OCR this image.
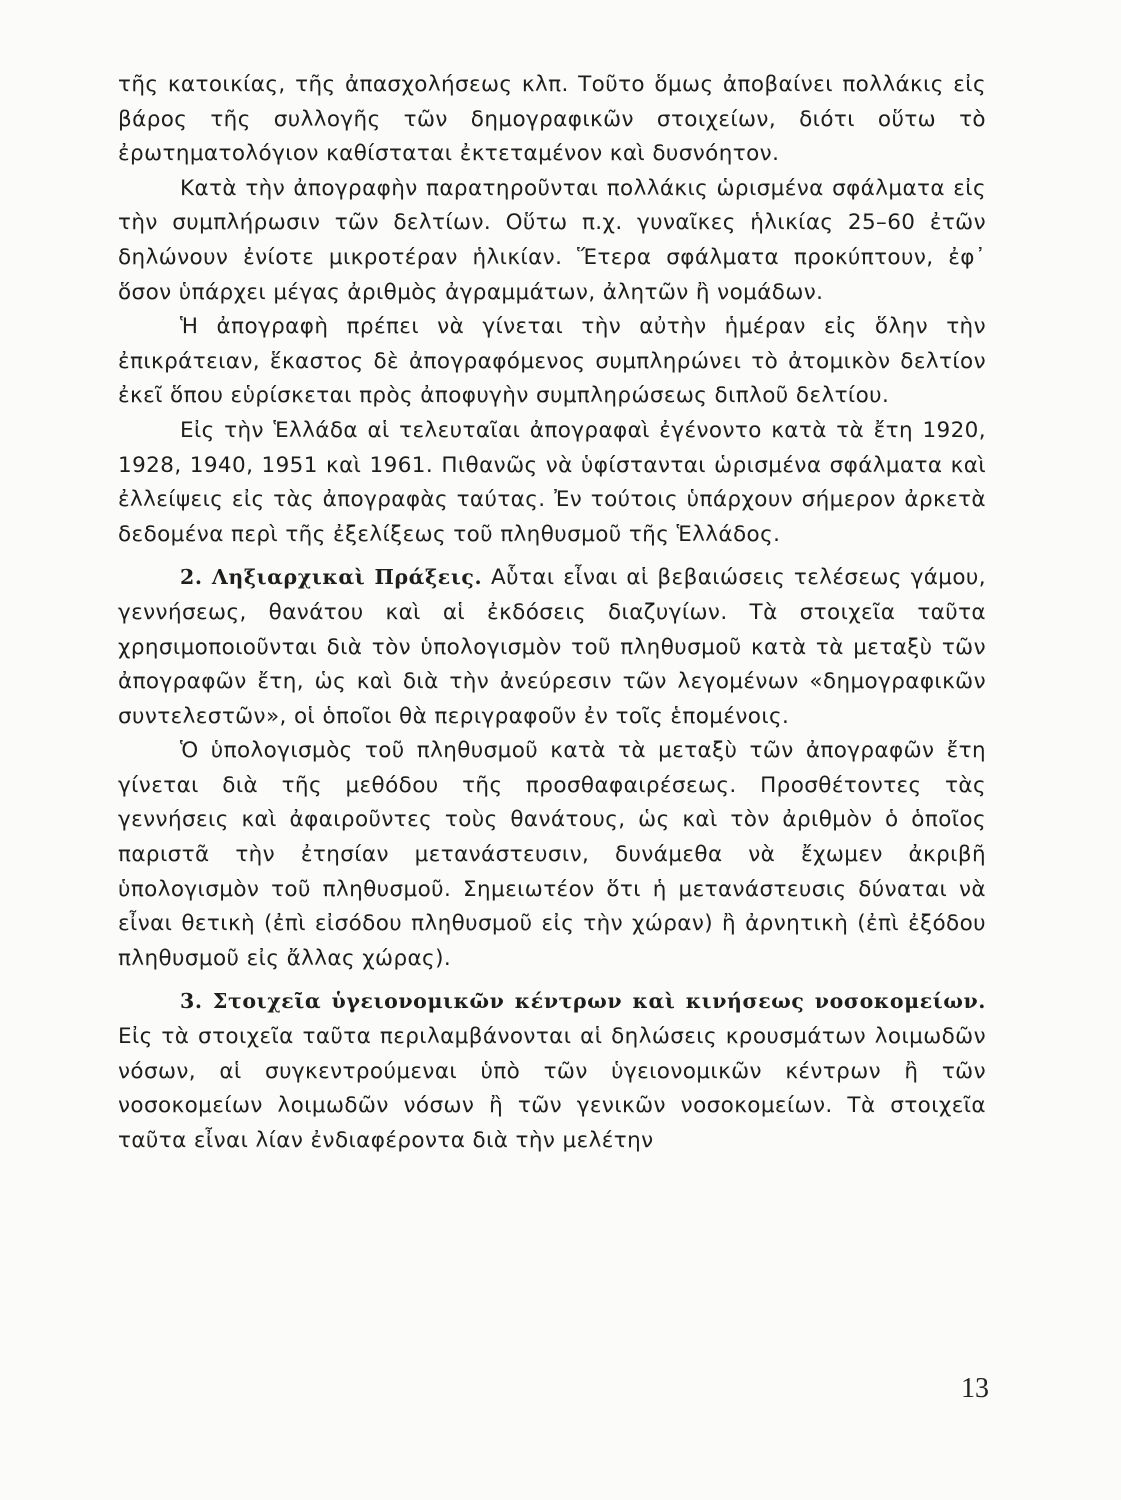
τῆς κατοικίας, τῆς ἀπασχολήσεως κλπ. Τοῦτο ὅμως ἀποβαίνει πολλάκις εἰς βάρος τῆς συλλογῆς τῶν δημογραφικῶν στοιχείων, διότι οὕτω τὸ ἐρωτηματολόγιον καθίσταται ἐκτεταμένον καὶ δυσνόητον.

Κατὰ τὴν ἀπογραφὴν παρατηροῦνται πολλάκις ὡρισμένα σφάλματα εἰς τὴν συμπλήρωσιν τῶν δελτίων. Οὕτω π.χ. γυναῖκες ἡλικίας 25–60 ἐτῶν δηλώνουν ἐνίοτε μικροτέραν ἡλικίαν. Ἕτερα σφάλματα προκύπτουν, ἐφ᾽ ὅσον ὑπάρχει μέγας ἀριθμὸς ἀγραμμάτων, ἀλητῶν ἢ νομάδων.

Ἡ ἀπογραφὴ πρέπει νὰ γίνεται τὴν αὐτὴν ἡμέραν εἰς ὅλην τὴν ἐπικράτειαν, ἕκαστος δὲ ἀπογραφόμενος συμπληρώνει τὸ ἀτομικὸν δελτίον ἐκεῖ ὅπου εὑρίσκεται πρὸς ἀποφυγὴν συμπληρώσεως διπλοῦ δελτίου.

Εἰς τὴν Ἑλλάδα αἱ τελευταῖαι ἀπογραφαὶ ἐγένοντο κατὰ τὰ ἔτη 1920, 1928, 1940, 1951 καὶ 1961. Πιθανῶς νὰ ὑφίστανται ὡρισμένα σφάλματα καὶ ἐλλείψεις εἰς τὰς ἀπογραφὰς ταύτας. Ἐν τούτοις ὑπάρχουν σήμερον ἀρκετὰ δεδομένα περὶ τῆς ἐξελίξεως τοῦ πληθυσμοῦ τῆς Ἑλλάδος.

2. Ληξιαρχικαὶ Πράξεις. Αὗται εἶναι αἱ βεβαιώσεις τελέσεως γάμου, γεννήσεως, θανάτου καὶ αἱ ἐκδόσεις διαζυγίων. Τὰ στοιχεῖα ταῦτα χρησιμοποιοῦνται διὰ τὸν ὑπολογισμὸν τοῦ πληθυσμοῦ κατὰ τὰ μεταξὺ τῶν ἀπογραφῶν ἔτη, ὡς καὶ διὰ τὴν ἀνεύρεσιν τῶν λεγομένων «δημογραφικῶν συντελεστῶν», οἱ ὁποῖοι θὰ περιγραφοῦν ἐν τοῖς ἑπομένοις.

Ὁ ὑπολογισμὸς τοῦ πληθυσμοῦ κατὰ τὰ μεταξὺ τῶν ἀπογραφῶν ἔτη γίνεται διὰ τῆς μεθόδου τῆς προσθαφαιρέσεως. Προσθέτοντες τὰς γεννήσεις καὶ ἀφαιροῦντες τοὺς θανάτους, ὡς καὶ τὸν ἀριθμὸν ὁ ὁποῖος παριστᾶ τὴν ἐτησίαν μετανάστευσιν, δυνάμεθα νὰ ἔχωμεν ἀκριβῆ ὑπολογισμὸν τοῦ πληθυσμοῦ. Σημειωτέον ὅτι ἡ μετανάστευσις δύναται νὰ εἶναι θετικὴ (ἐπὶ εἰσόδου πληθυσμοῦ εἰς τὴν χώραν) ἢ ἀρνητικὴ (ἐπὶ ἐξόδου πληθυσμοῦ εἰς ἄλλας χώρας).

3. Στοιχεῖα ὑγειονομικῶν κέντρων καὶ κινήσεως νοσοκομείων. Εἰς τὰ στοιχεῖα ταῦτα περιλαμβάνονται αἱ δηλώσεις κρουσμάτων λοιμωδῶν νόσων, αἱ συγκεντρούμεναι ὑπὸ τῶν ὑγειονομικῶν κέντρων ἢ τῶν νοσοκομείων λοιμωδῶν νόσων ἢ τῶν γενικῶν νοσοκομείων. Τὰ στοιχεῖα ταῦτα εἶναι λίαν ἐνδιαφέροντα διὰ τὴν μελέτην

13
